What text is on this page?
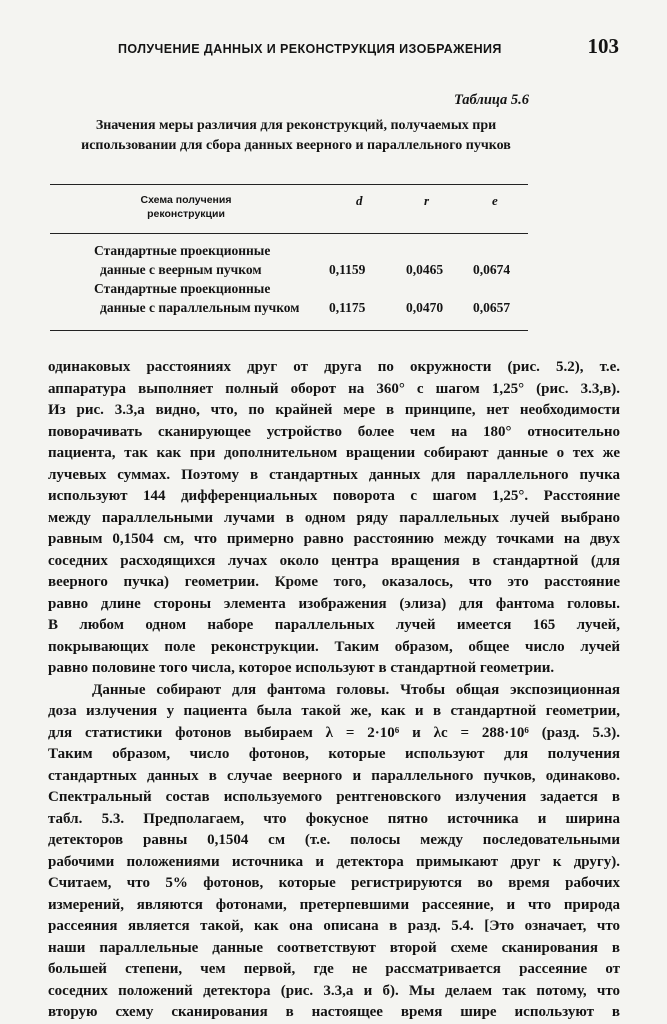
ПОЛУЧЕНИЕ ДАННЫХ И РЕКОНСТРУКЦИЯ ИЗОБРАЖЕНИЯ	103
Таблица 5.6
Значения меры различия для реконструкций, получаемых при
использовании для сбора данных веерного и параллельного пучков
Схема получения
реконструкции
d	r	e
Стандартные проекционные
данные с веерным пучком	0,1159	0,0465 0,0674
Стандартные проекционные
данные с параллельным пучком 0,1175	0,0470 0,0657
одинаковых расстояниях друг от друга по окружности (рис. 5.2), т.е.
аппаратура выполняет полный оборот на 360° с шагом 1,25° (рис. 3.3,в).
Из рис. 3.3,а видно, что, по крайней мере в принципе, нет необходимости
поворачивать сканирующее устройство более чем на 180° относительно
пациента, так как при дополнительном вращении собирают данные о тех же
лучевых суммах. Поэтому в стандартных данных для параллельного пучка
используют 144 дифференциальных поворота с шагом 1,25°. Расстояние
между параллельными лучами в одном ряду параллельных лучей выбрано
равным 0,1504 см, что примерно равно расстоянию между точками на двух
соседних расходящихся лучах около центра вращения в стандартной (для
веерного пучка) геометрии. Кроме того, оказалось, что это расстояние
равно длине стороны элемента изображения (элиза) для фантома головы.
В любом одном наборе параллельных лучей имеется 165 лучей,
покрывающих поле реконструкции. Таким образом, общее число лучей
равно половине того числа, которое используют в стандартной геометрии.
Данные собирают для фантома головы. Чтобы общая экспозиционная
доза излучения у пациента была такой же, как и в стандартной геометрии,
для статистики фотонов выбираем λ = 2·10⁶ и λc = 288·10⁶ (разд. 5.3).
Таким образом, число фотонов, которые используют для получения
стандартных данных в случае веерного и параллельного пучков, одинаково.
Спектральный состав используемого рентгеновского излучения задается в
табл. 5.3. Предполагаем, что фокусное пятно источника и ширина
детекторов равны 0,1504 см (т.е. полосы между последовательными
рабочими положениями источника и детектора примыкают друг к другу).
Считаем, что 5% фотонов, которые регистрируются во время рабочих
измерений, являются фотонами, претерпевшими рассеяние, и что природа
рассеяния является такой, как она описана в разд. 5.4. [Это означает, что
наши параллельные данные соответствуют второй схеме сканирования в
большей степени, чем первой, где не рассматривается рассеяние от
соседних положений детектора (рис. 3.3,а и б). Мы делаем так потому, что
вторую схему сканирования в настоящее время шире используют в
